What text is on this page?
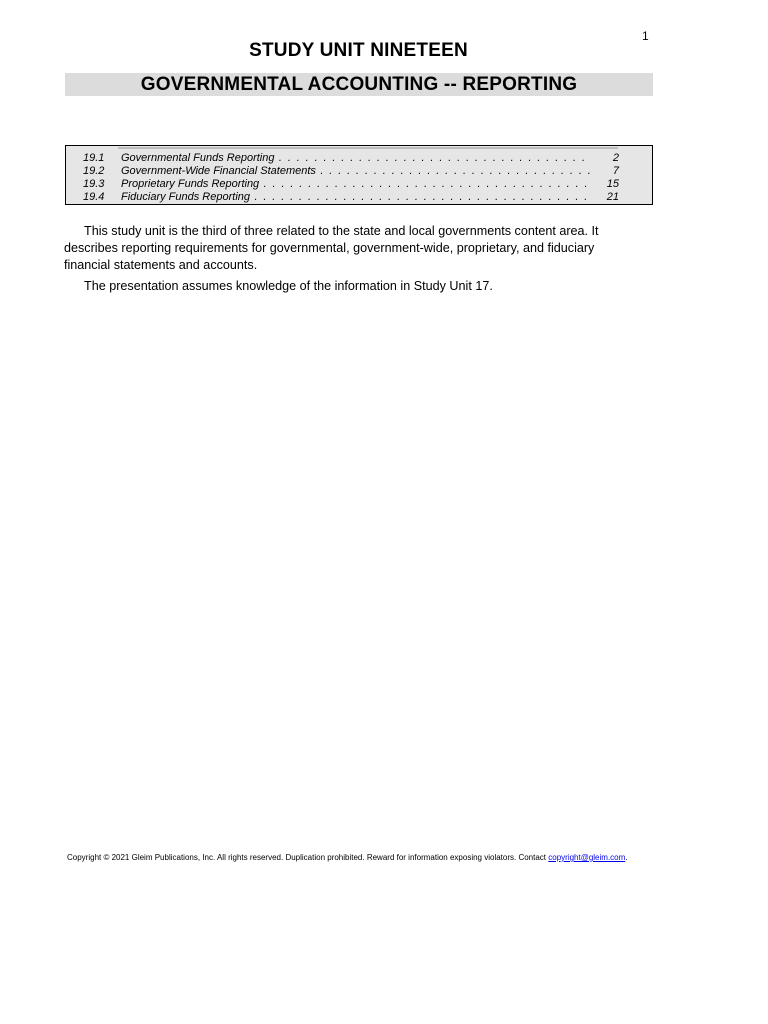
1
STUDY UNIT NINETEEN
GOVERNMENTAL ACCOUNTING -- REPORTING
19.1 Governmental Funds Reporting . . .	2
19.2 Government-Wide Financial Statements . . .	7
19.3 Proprietary Funds Reporting . . .	15
19.4 Fiduciary Funds Reporting . . .	21

This study unit is the third of three related to the state and local governments content area. It describes reporting requirements for governmental, government-wide, proprietary, and fiduciary financial statements and accounts.

The presentation assumes knowledge of the information in Study Unit 17.

Copyright © 2021 Gleim Publications, Inc. All rights reserved. Duplication prohibited. Reward for information exposing violators. Contact copyright@gleim.com.
